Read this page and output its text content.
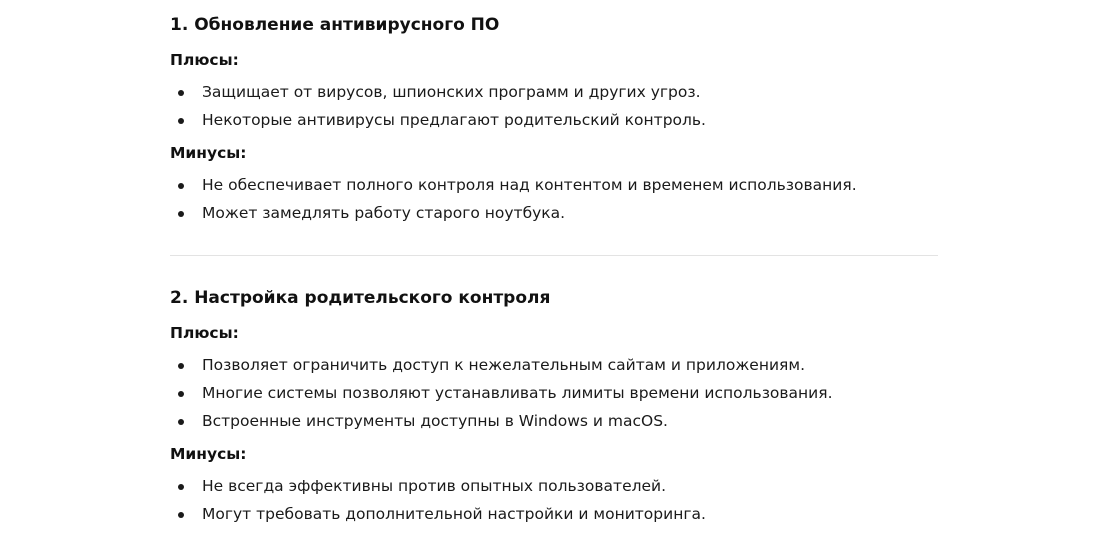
1. Обновление антивирусного ПО

Плюсы:

Защищает от вирусов, шпионских программ и других угроз.
Некоторые антивирусы предлагают родительский контроль.

Минусы:

Не обеспечивает полного контроля над контентом и временем использования.
Может замедлять работу старого ноутбука.
2. Настройка родительского контроля

Плюсы:

Позволяет ограничить доступ к нежелательным сайтам и приложениям.
Многие системы позволяют устанавливать лимиты времени использования.
Встроенные инструменты доступны в Windows и macOS.

Минусы:

Не всегда эффективны против опытных пользователей.
Могут требовать дополнительной настройки и мониторинга.
